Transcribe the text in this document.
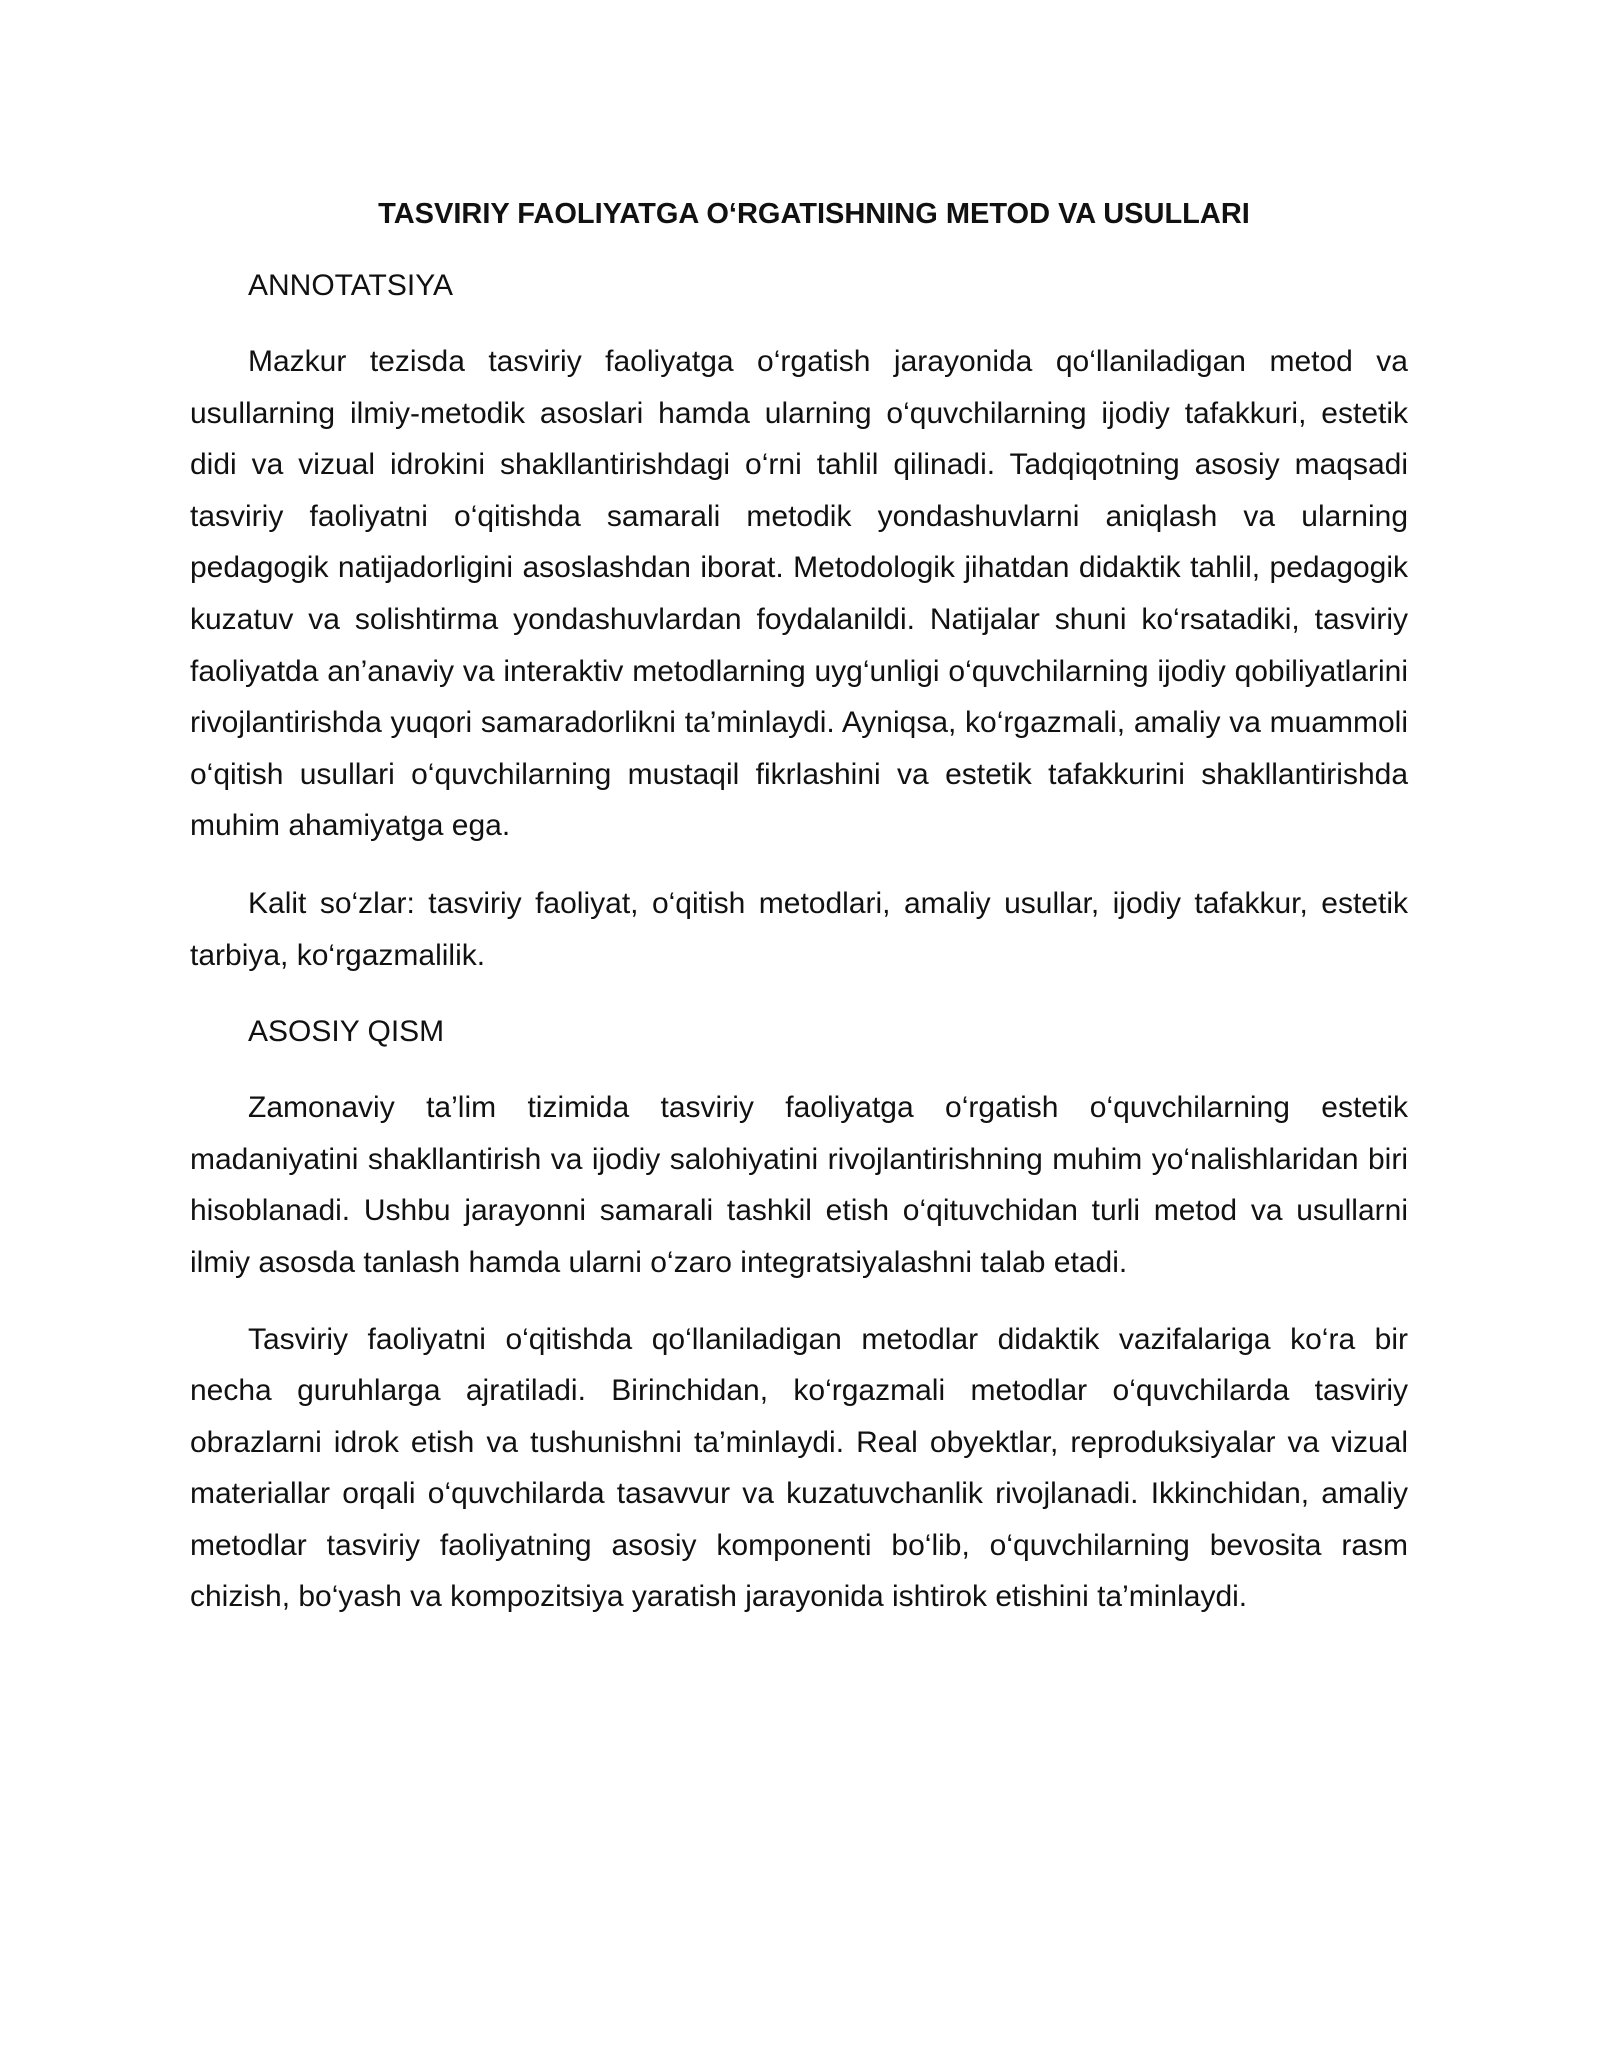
TASVIRIY FAOLIYATGA O‘RGATISHNING METOD VA USULLARI
ANNOTATSIYA

Mazkur tezisda tasviriy faoliyatga o‘rgatish jarayonida qo‘llaniladigan metod va usullarning ilmiy-metodik asoslari hamda ularning o‘quvchilarning ijodiy tafakkuri, estetik didi va vizual idrokini shakllantirishdagi o‘rni tahlil qilinadi. Tadqiqotning asosiy maqsadi tasviriy faoliyatni o‘qitishda samarali metodik yondashuvlarni aniqlash va ularning pedagogik natijadorligini asoslashdan iborat. Metodologik jihatdan didaktik tahlil, pedagogik kuzatuv va solishtirma yondashuvlardan foydalanildi. Natijalar shuni ko‘rsatadiki, tasviriy faoliyatda an’anaviy va interaktiv metodlarning uyg‘unligi o‘quvchilarning ijodiy qobiliyatlarini rivojlantirishda yuqori samaradorlikni ta’minlaydi. Ayniqsa, ko‘rgazmali, amaliy va muammoli o‘qitish usullari o‘quvchilarning mustaqil fikrlashini va estetik tafakkurini shakllantirishda muhim ahamiyatga ega.

Kalit so‘zlar: tasviriy faoliyat, o‘qitish metodlari, amaliy usullar, ijodiy tafakkur, estetik tarbiya, ko‘rgazmalilik.

ASOSIY QISM

Zamonaviy ta’lim tizimida tasviriy faoliyatga o‘rgatish o‘quvchilarning estetik madaniyatini shakllantirish va ijodiy salohiyatini rivojlantirishning muhim yo‘nalishlaridan biri hisoblanadi. Ushbu jarayonni samarali tashkil etish o‘qituvchidan turli metod va usullarni ilmiy asosda tanlash hamda ularni o‘zaro integratsiyalashni talab etadi.

Tasviriy faoliyatni o‘qitishda qo‘llaniladigan metodlar didaktik vazifalariga ko‘ra bir necha guruhlarga ajratiladi. Birinchidan, ko‘rgazmali metodlar o‘quvchilarda tasviriy obrazlarni idrok etish va tushunishni ta’minlaydi. Real obyektlar, reproduksiyalar va vizual materiallar orqali o‘quvchilarda tasavvur va kuzatuvchanlik rivojlanadi. Ikkinchidan, amaliy metodlar tasviriy faoliyatning asosiy komponenti bo‘lib, o‘quvchilarning bevosita rasm chizish, bo‘yash va kompozitsiya yaratish jarayonida ishtirok etishini ta’minlaydi.
